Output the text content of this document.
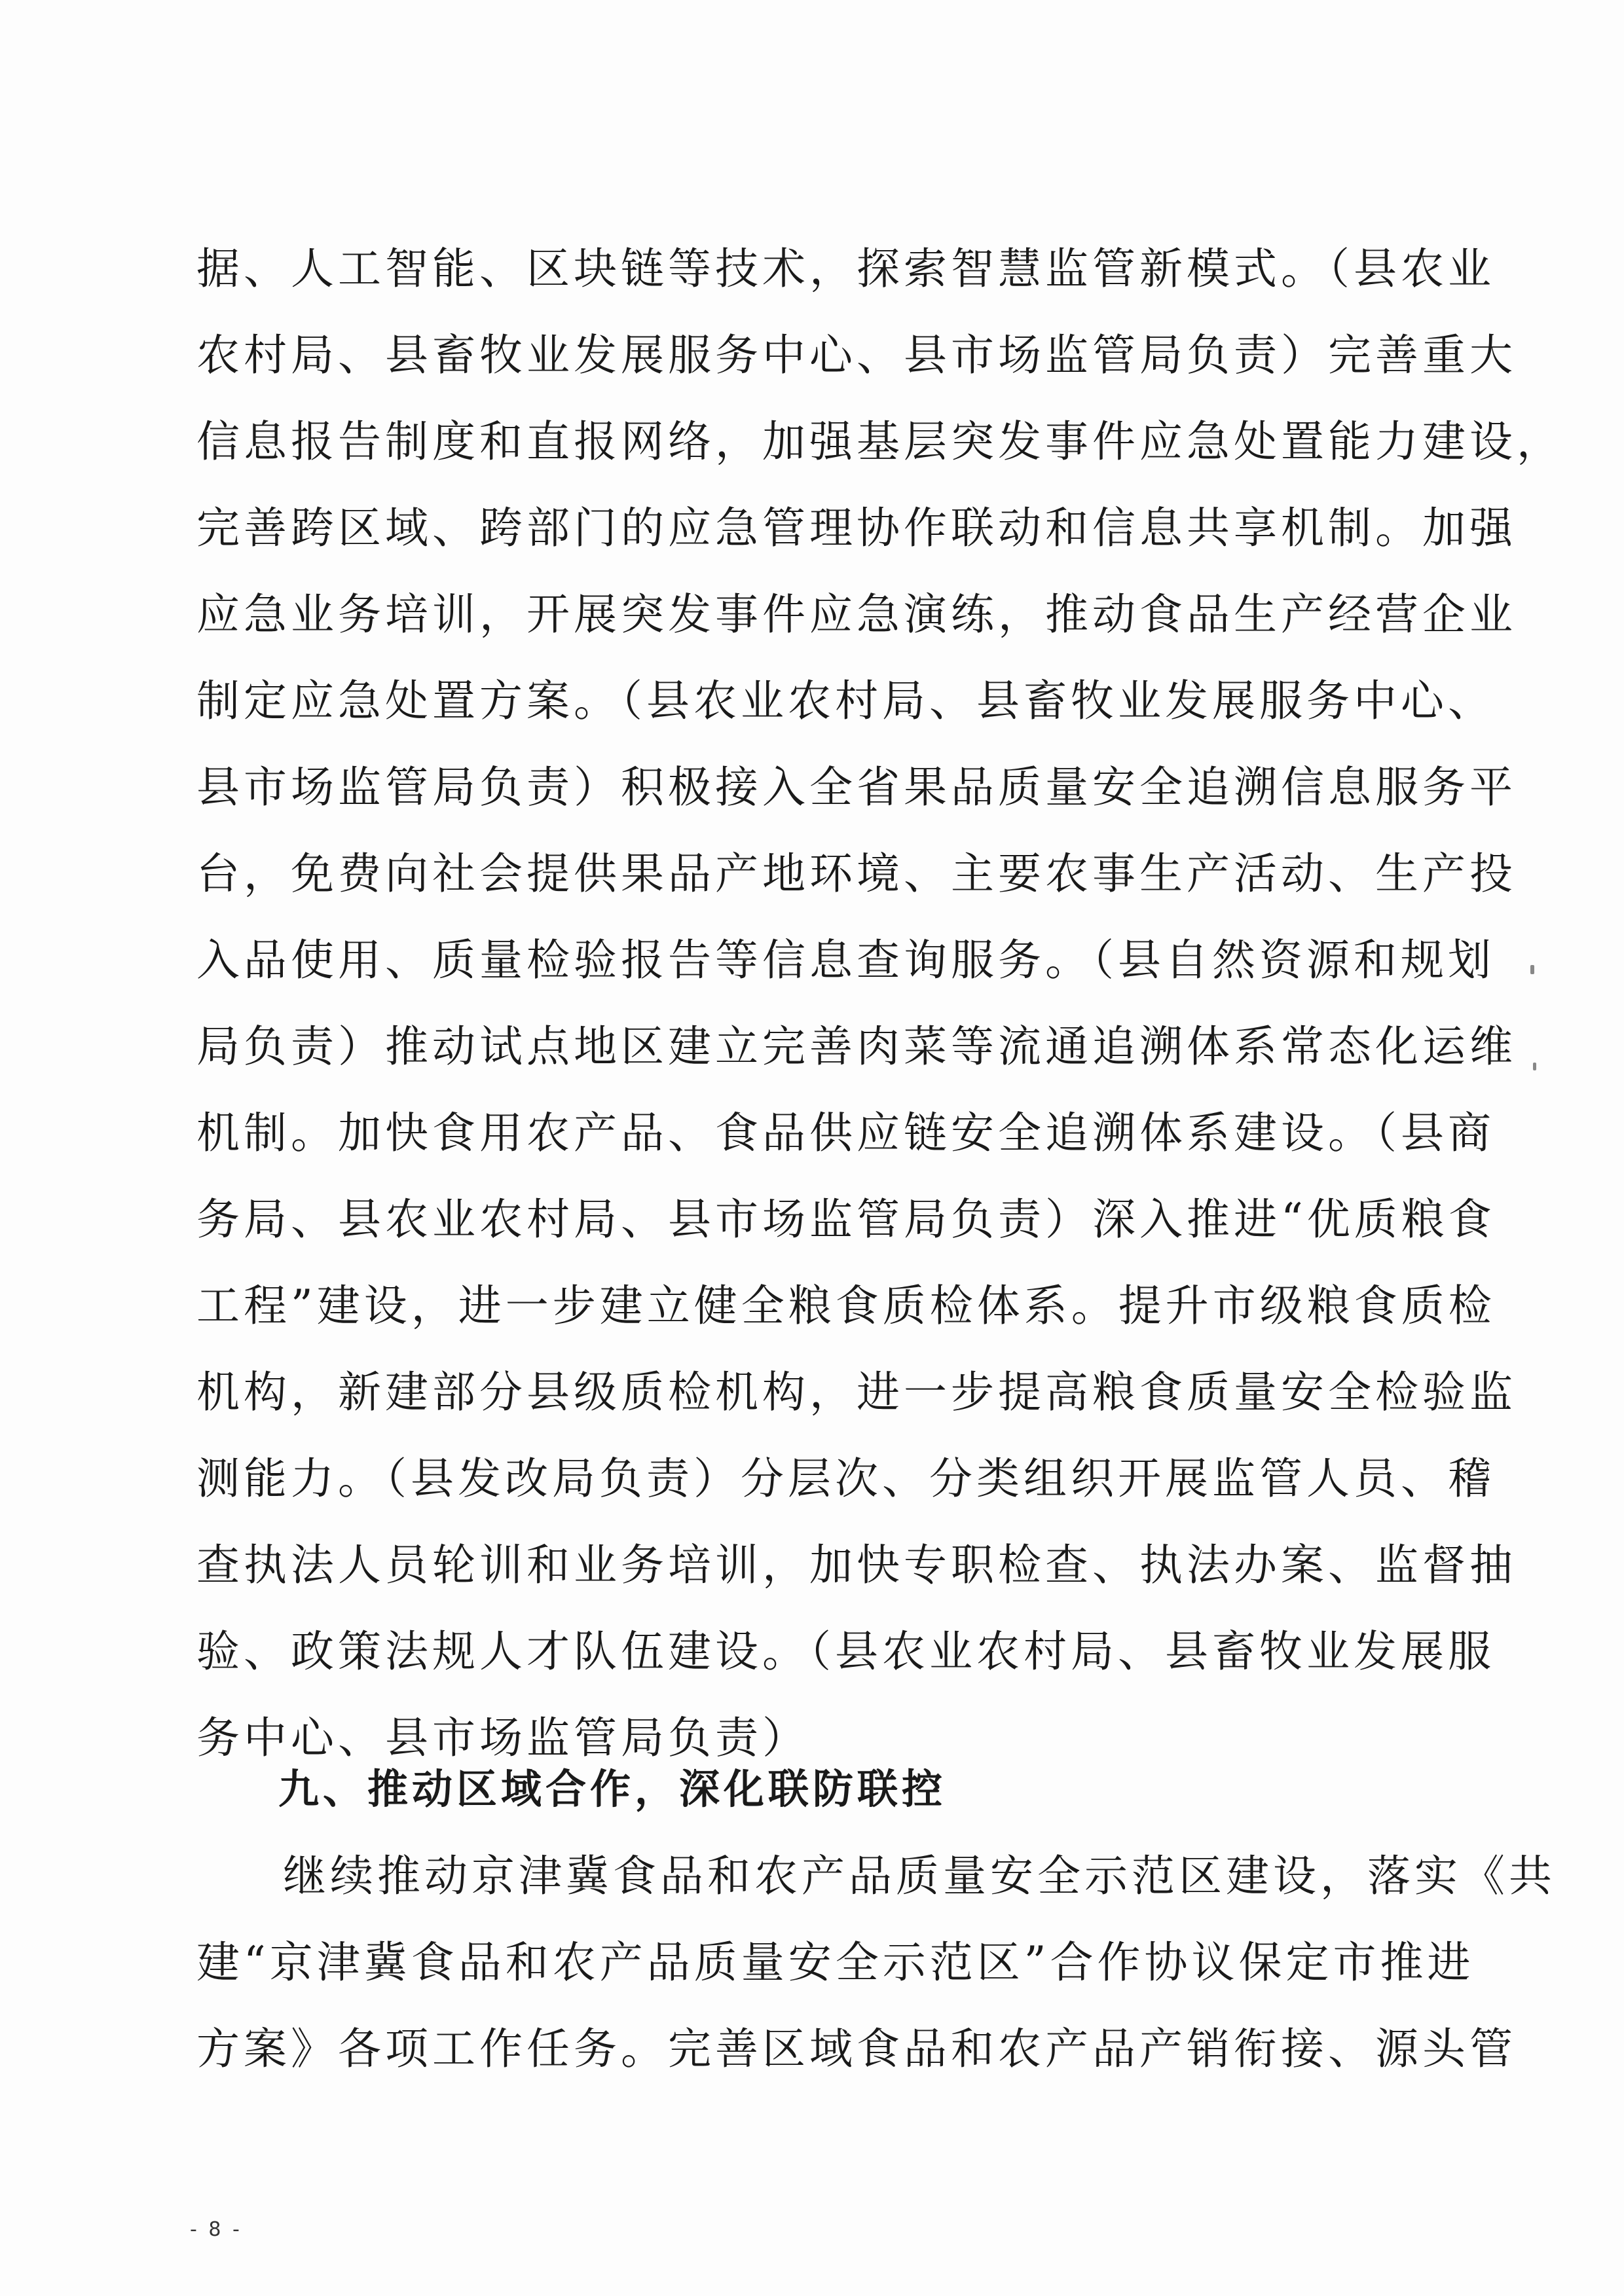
据、人工智能、区块链等技术，探索智慧监管新模式。（县农业
农村局、县畜牧业发展服务中心、县市场监管局负责）完善重大
信息报告制度和直报网络，加强基层突发事件应急处置能力建设，
完善跨区域、跨部门的应急管理协作联动和信息共享机制。加强
应急业务培训，开展突发事件应急演练，推动食品生产经营企业
制定应急处置方案。（县农业农村局、县畜牧业发展服务中心、
县市场监管局负责）积极接入全省果品质量安全追溯信息服务平
台，免费向社会提供果品产地环境、主要农事生产活动、生产投
入品使用、质量检验报告等信息查询服务。（县自然资源和规划
局负责）推动试点地区建立完善肉菜等流通追溯体系常态化运维
机制。加快食用农产品、食品供应链安全追溯体系建设。（县商
务局、县农业农村局、县市场监管局负责）深入推进“优质粮食
工程”建设，进一步建立健全粮食质检体系。提升市级粮食质检
机构，新建部分县级质检机构，进一步提高粮食质量安全检验监
测能力。（县发改局负责）分层次、分类组织开展监管人员、稽
查执法人员轮训和业务培训，加快专职检查、执法办案、监督抽
验、政策法规人才队伍建设。（县农业农村局、县畜牧业发展服
务中心、县市场监管局负责）
九、推动区域合作，深化联防联控
继续推动京津冀食品和农产品质量安全示范区建设，落实《共
建“京津冀食品和农产品质量安全示范区”合作协议保定市推进
方案》各项工作任务。完善区域食品和农产品产销衔接、源头管
- 8 -
